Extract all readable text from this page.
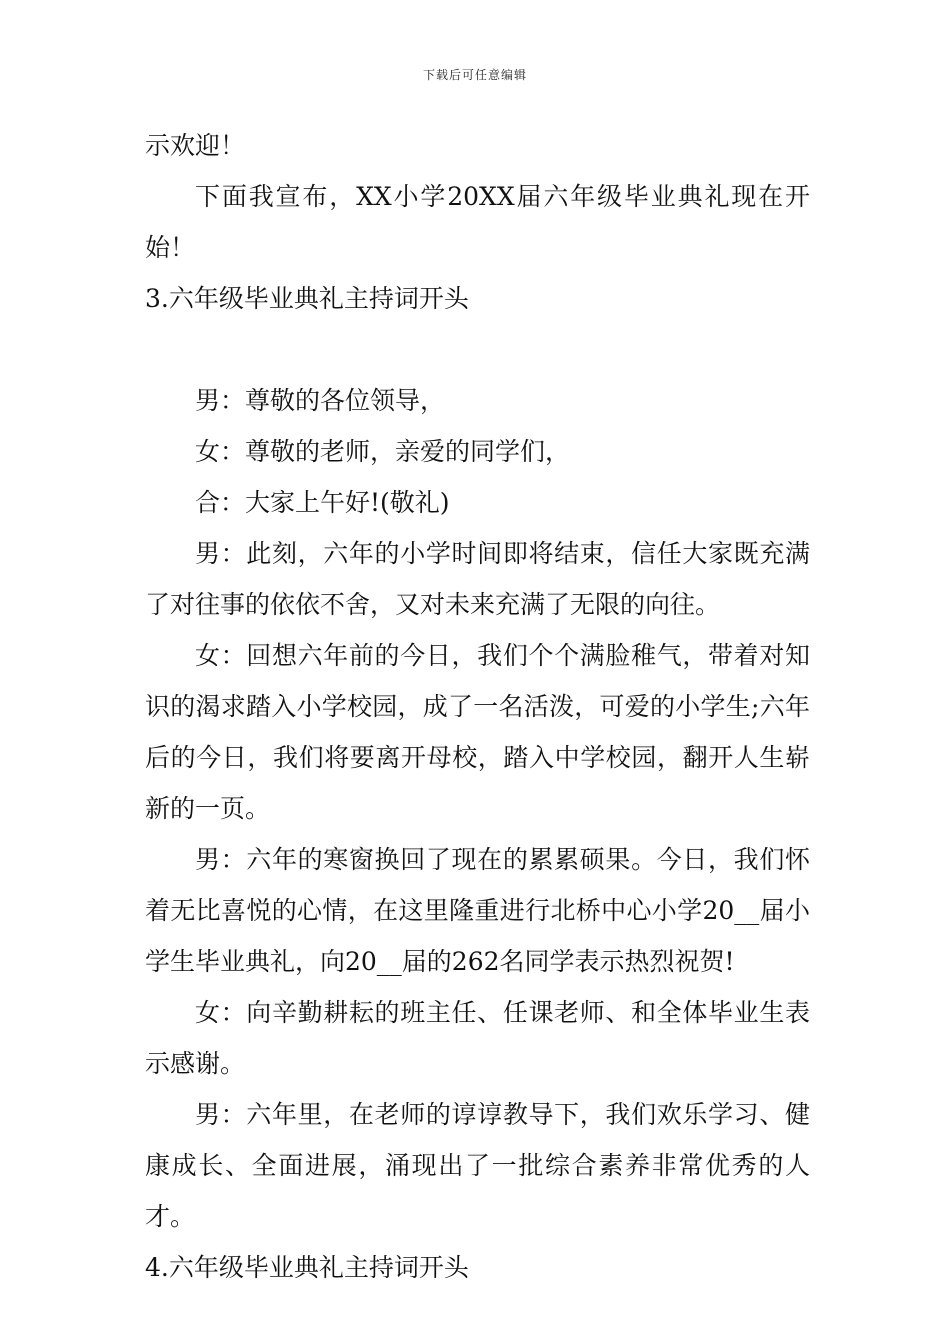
下载后可任意编辑

示欢迎！

下面我宣布，XX小学20XX届六年级毕业典礼现在开始！

3.六年级毕业典礼主持词开头

男：尊敬的各位领导，

女：尊敬的老师，亲爱的同学们，

合：大家上午好!(敬礼)

男：此刻，六年的小学时间即将结束，信任大家既充满了对往事的依依不舍，又对未来充满了无限的向往。

女：回想六年前的今日，我们个个满脸稚气，带着对知识的渴求踏入小学校园，成了一名活泼，可爱的小学生;六年后的今日，我们将要离开母校，踏入中学校园，翻开人生崭新的一页。

男：六年的寒窗换回了现在的累累硕果。今日，我们怀着无比喜悦的心情，在这里隆重进行北桥中心小学20__届小学生毕业典礼，向20__届的262名同学表示热烈祝贺!

女：向辛勤耕耘的班主任、任课老师、和全体毕业生表示感谢。

男：六年里，在老师的谆谆教导下，我们欢乐学习、健康成长、全面进展，涌现出了一批综合素养非常优秀的人才。

4.六年级毕业典礼主持词开头
